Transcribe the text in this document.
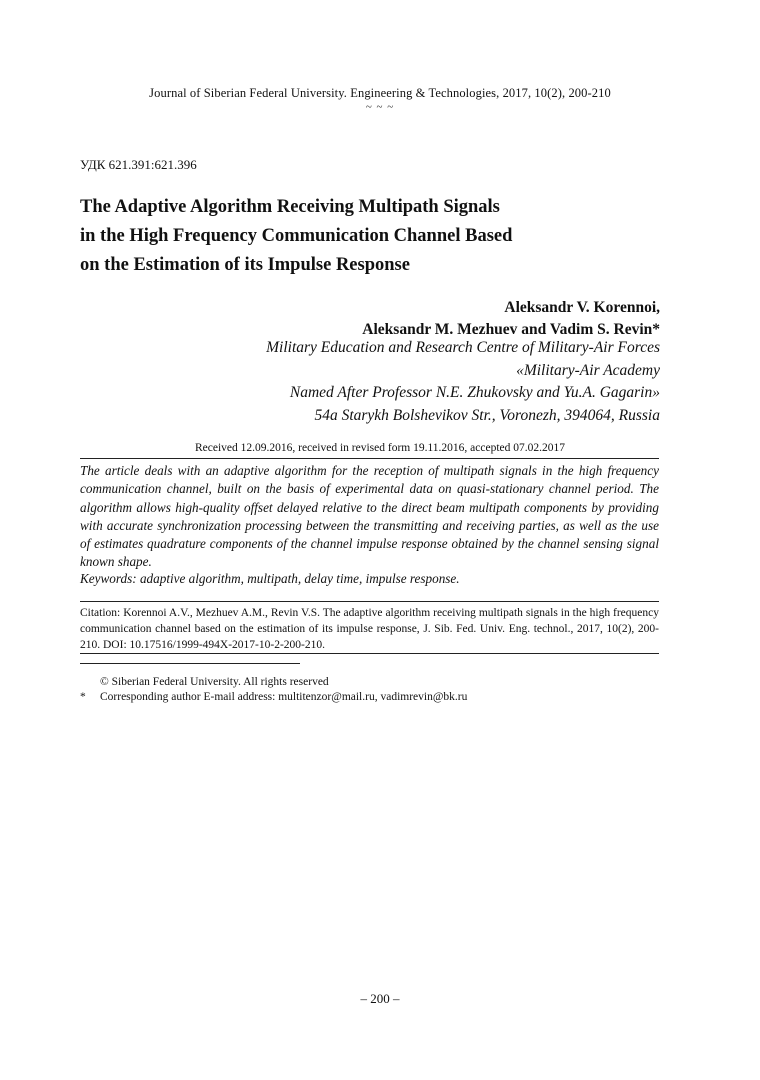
Journal of Siberian Federal University. Engineering & Technologies, 2017, 10(2), 200-210
~ ~ ~
УДК 621.391:621.396
The Adaptive Algorithm Receiving Multipath Signals
in the High Frequency Communication Channel Based
on the Estimation of its Impulse Response
Aleksandr V. Korennoi,
Aleksandr M. Mezhuev and Vadim S. Revin*
Military Education and Research Centre of Military-Air Forces
«Military-Air Academy
Named After Professor N.E. Zhukovsky and Yu.A. Gagarin»
54a Starykh Bolshevikov Str., Voronezh, 394064, Russia
Received 12.09.2016, received in revised form 19.11.2016, accepted 07.02.2017
The article deals with an adaptive algorithm for the reception of multipath signals in the high frequency communication channel, built on the basis of experimental data on quasi-stationary channel period. The algorithm allows high-quality offset delayed relative to the direct beam multipath components by providing with accurate synchronization processing between the transmitting and receiving parties, as well as the use of estimates quadrature components of the channel impulse response obtained by the channel sensing signal known shape.
Keywords: adaptive algorithm, multipath, delay time, impulse response.
Citation: Korennoi A.V., Mezhuev A.M., Revin V.S. The adaptive algorithm receiving multipath signals in the high frequency communication channel based on the estimation of its impulse response, J. Sib. Fed. Univ. Eng. technol., 2017, 10(2), 200-210. DOI: 10.17516/1999-494X-2017-10-2-200-210.
© Siberian Federal University. All rights reserved
* Corresponding author E-mail address: multitenzor@mail.ru, vadimrevin@bk.ru
– 200 –
